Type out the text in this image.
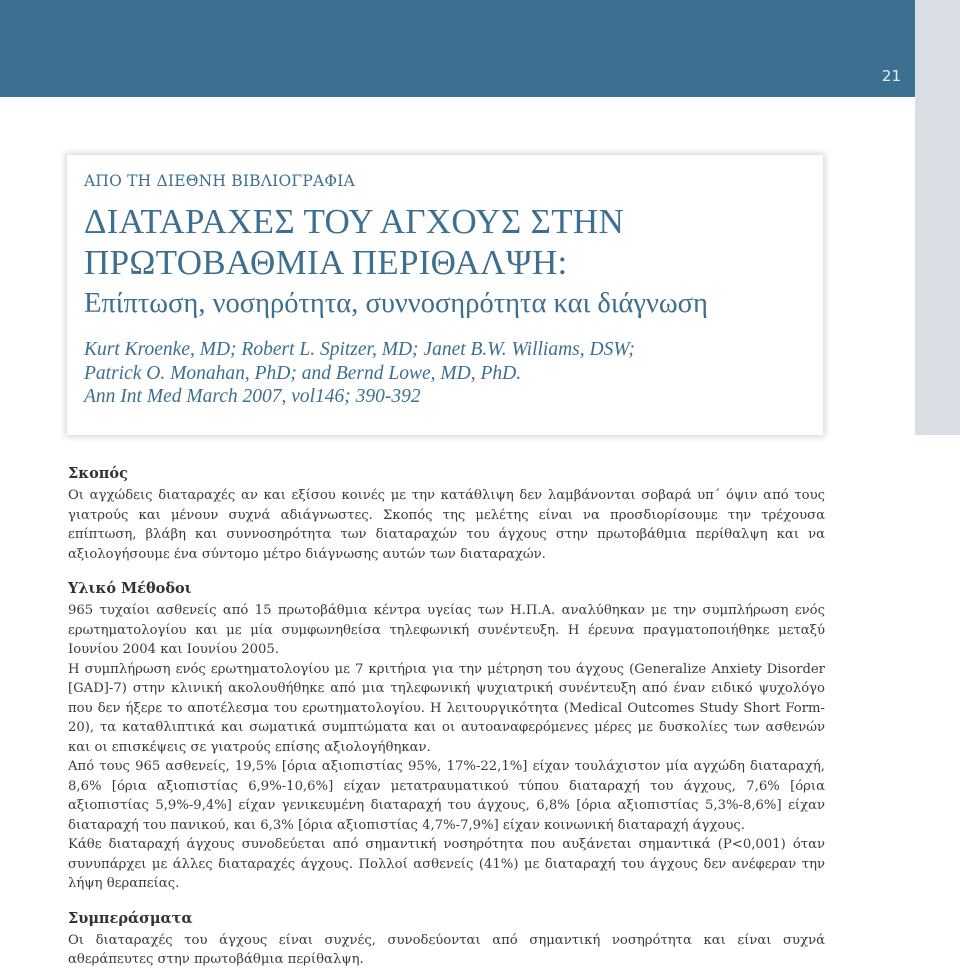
21
ΑΠΟ ΤΗ ΔΙΕΘΝΗ ΒΙΒΛΙΟΓΡΑΦΙΑ
ΔΙΑΤΑΡΑΧΕΣ ΤΟΥ ΑΓΧΟΥΣ ΣΤΗΝ
ΠΡΩΤΟΒΑΘΜΙΑ ΠΕΡΙΘΑΛΨΗ:
Επίπτωση, νοσηρότητα, συννοσηρότητα και διάγνωση
Kurt Kroenke, MD; Robert L. Spitzer, MD; Janet B.W. Williams, DSW;
Patrick O. Monahan, PhD; and Bernd Lowe, MD, PhD.
Ann Int Med March 2007, vol146; 390-392
Σκοπός

Οι αγχώδεις διαταραχές αν και εξίσου κοινές με την κατάθλιψη δεν λαμβάνονται σοβαρά υπ΄ όψιν από τους γιατρούς και μένουν συχνά αδιάγνωστες. Σκοπός της μελέτης είναι να προσδιορίσουμε την τρέχουσα επίπτωση, βλάβη και συννοσηρότητα των διαταραχών του άγχους στην πρωτοβάθμια περίθαλψη και να αξιολογήσουμε ένα σύντομο μέτρο διάγνωσης αυτών των διαταραχών.

Υλικό Μέθοδοι

965 τυχαίοι ασθενείς από 15 πρωτοβάθμια κέντρα υγείας των Η.Π.Α. αναλύθηκαν με την συμπλήρωση ενός ερωτηματολογίου και με μία συμφωνηθείσα τηλεφωνική συνέντευξη. Η έρευνα πραγματοποιήθηκε μεταξύ Ιουνίου 2004 και Ιουνίου 2005.

Η συμπλήρωση ενός ερωτηματολογίου με 7 κριτήρια για την μέτρηση του άγχους (Generalize Anxiety Disorder [GAD]-7) στην κλινική ακολουθήθηκε από μια τηλεφωνική ψυχιατρική συνέντευξη από έναν ειδικό ψυχολόγο που δεν ήξερε το αποτέλεσμα του ερωτηματολογίου. Η λειτουργικότητα (Medical Outcomes Study Short Form-20), τα καταθλιπτικά και σωματικά συμπτώματα και οι αυτοαναφερόμενες μέρες με δυσκολίες των ασθενών και οι επισκέψεις σε γιατρούς επίσης αξιολογήθηκαν.

Από τους 965 ασθενείς, 19,5% [όρια αξιοπιστίας 95%, 17%-22,1%] είχαν τουλάχιστον μία αγχώδη διαταραχή, 8,6% [όρια αξιοπιστίας 6,9%-10,6%] είχαν μετατραυματικού τύπου διαταραχή του άγχους, 7,6% [όρια αξιοπιστίας 5,9%-9,4%] είχαν γενικευμένη διαταραχή του άγχους, 6,8% [όρια αξιοπιστίας 5,3%-8,6%] είχαν διαταραχή του πανικού, και 6,3% [όρια αξιοπιστίας 4,7%-7,9%] είχαν κοινωνική διαταραχή άγχους.

Κάθε διαταραχή άγχους συνοδεύεται από σημαντική νοσηρότητα που αυξάνεται σημαντικά (P<0,001) όταν συνυπάρχει με άλλες διαταραχές άγχους. Πολλοί ασθενείς (41%) με διαταραχή του άγχους δεν ανέφεραν την λήψη θεραπείας.

Συμπεράσματα

Οι διαταραχές του άγχους είναι συχνές, συνοδεύονται από σημαντική νοσηρότητα και είναι συχνά αθεράπευτες στην πρωτοβάθμια περίθαλψη.
